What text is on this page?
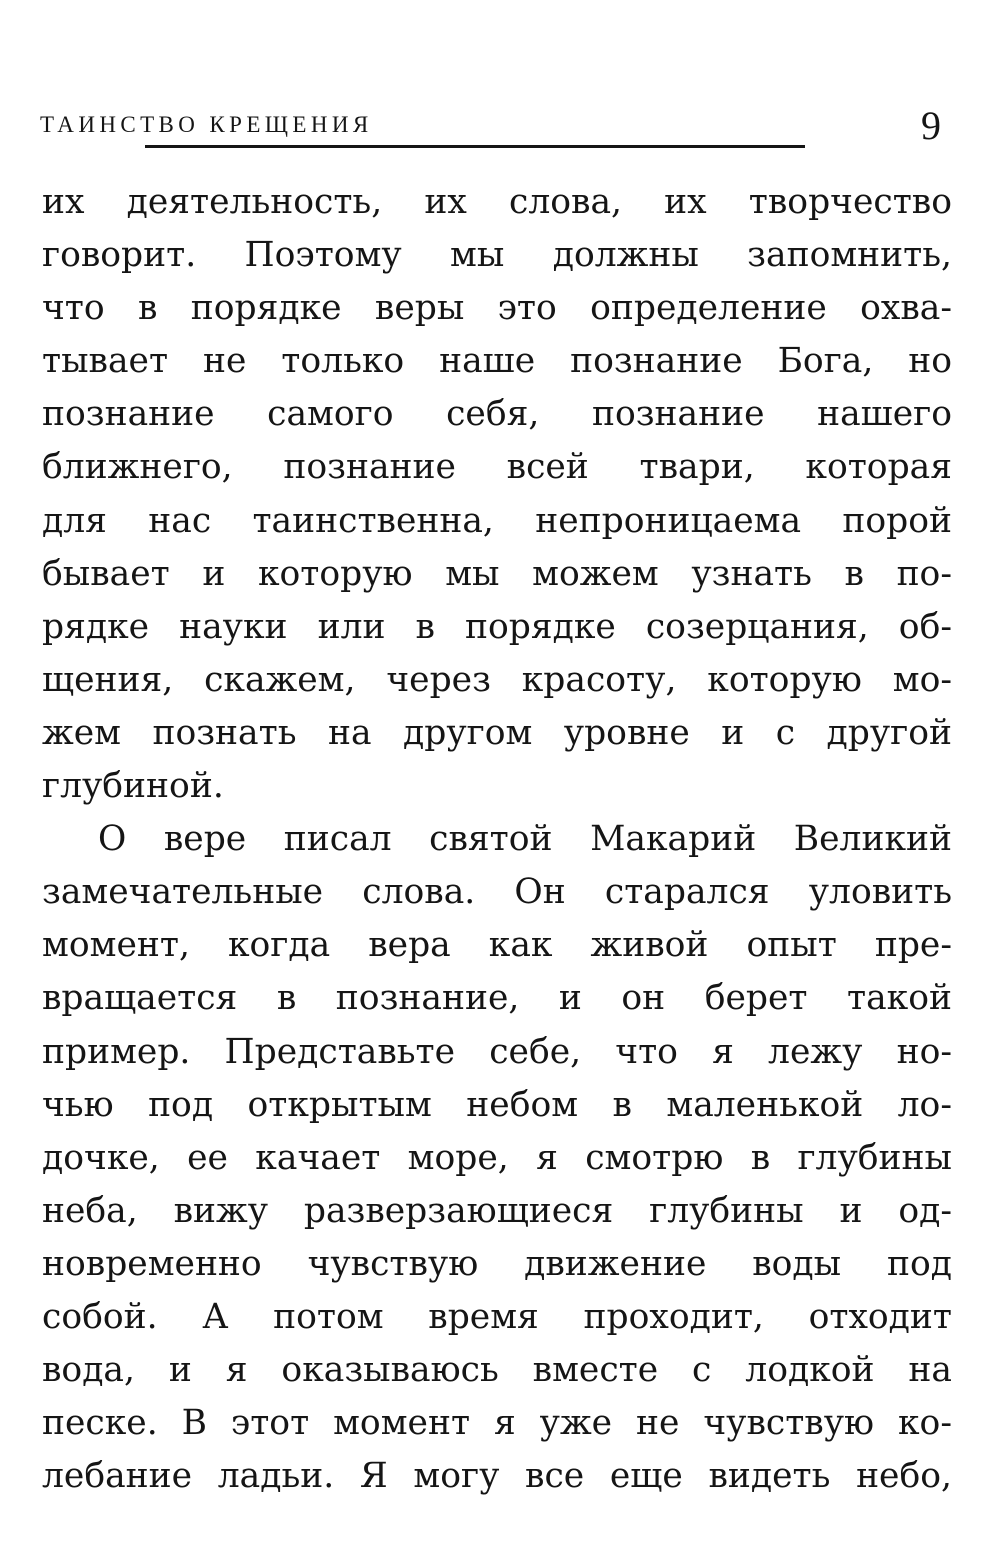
ТАИНСТВО КРЕЩЕНИЯ	9
их деятельность, их слова, их творчество
говорит. Поэтому мы должны запомнить,
что в порядке веры это определение охва-
тывает не только наше познание Бога, но
познание самого себя, познание нашего
ближнего, познание всей твари, которая
для нас таинственна, непроницаема порой
бывает и которую мы можем узнать в по-
рядке науки или в порядке созерцания, об-
щения, скажем, через красоту, которую мо-
жем познать на другом уровне и с другой
глубиной.
О вере писал святой Макарий Великий
замечательные слова. Он старался уловить
момент, когда вера как живой опыт пре-
вращается в познание, и он берет такой
пример. Представьте себе, что я лежу но-
чью под открытым небом в маленькой ло-
дочке, ее качает море, я смотрю в глубины
неба, вижу разверзающиеся глубины и од-
новременно чувствую движение воды под
собой. А потом время проходит, отходит
вода, и я оказываюсь вместе с лодкой на
песке. В этот момент я уже не чувствую ко-
лебание ладьи. Я могу все еще видеть небо,
